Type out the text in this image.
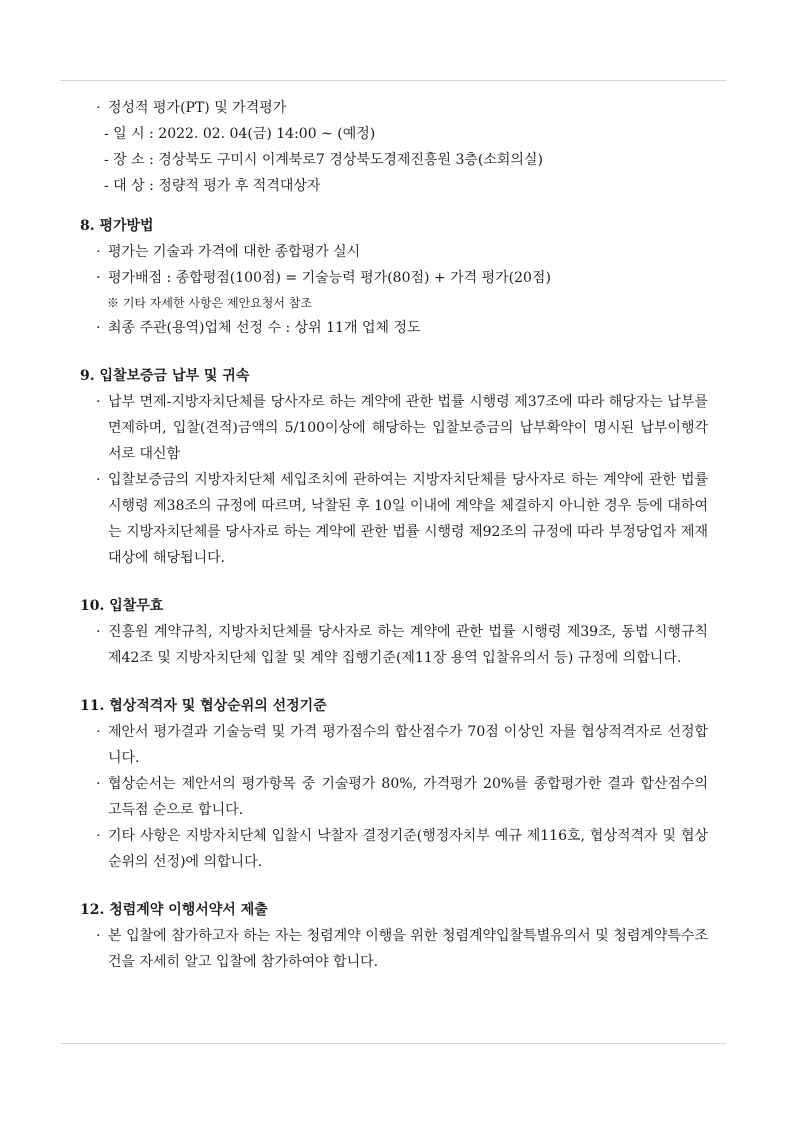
· 정성적 평가(PT) 및 가격평가
- 일 시 : 2022. 02. 04(금) 14:00 ~ (예정)
- 장 소 : 경상북도 구미시 이계북로7 경상북도경제진흥원 3층(소회의실)
- 대 상 : 정량적 평가 후 적격대상자
8. 평가방법
· 평가는 기술과 가격에 대한 종합평가 실시
· 평가배점 : 종합평점(100점) = 기술능력 평가(80점) + 가격 평가(20점)
※ 기타 자세한 사항은 제안요청서 참조
· 최종 주관(용역)업체 선정 수 : 상위 11개 업체 정도
9. 입찰보증금 납부 및 귀속
· 납부 면제-지방자치단체를 당사자로 하는 계약에 관한 법률 시행령 제37조에 따라 해당자는 납부를 면제하며, 입찰(견적)금액의 5/100이상에 해당하는 입찰보증금의 납부확약이 명시된 납부이행각서로 대신함
· 입찰보증금의 지방자치단체 세입조치에 관하여는 지방자치단체를 당사자로 하는 계약에 관한 법률 시행령 제38조의 규정에 따르며, 낙찰된 후 10일 이내에 계약을 체결하지 아니한 경우 등에 대하여는 지방자치단체를 당사자로 하는 계약에 관한 법률 시행령 제92조의 규정에 따라 부정당업자 제재대상에 해당됩니다.
10. 입찰무효
· 진흥원 계약규칙, 지방자치단체를 당사자로 하는 계약에 관한 법률 시행령 제39조, 동법 시행규칙 제42조 및 지방자치단체 입찰 및 계약 집행기준(제11장 용역 입찰유의서 등) 규정에 의합니다.
11. 협상적격자 및 협상순위의 선정기준
· 제안서 평가결과 기술능력 및 가격 평가점수의 합산점수가 70점 이상인 자를 협상적격자로 선정합니다.
· 협상순서는 제안서의 평가항목 중 기술평가 80%, 가격평가 20%를 종합평가한 결과 합산점수의 고득점 순으로 합니다.
· 기타 사항은 지방자치단체 입찰시 낙찰자 결정기준(행정자치부 예규 제116호, 협상적격자 및 협상순위의 선정)에 의합니다.
12. 청렴계약 이행서약서 제출
· 본 입찰에 참가하고자 하는 자는 청렴계약 이행을 위한 청렴계약입찰특별유의서 및 청렴계약특수조건을 자세히 알고 입찰에 참가하여야 합니다.
